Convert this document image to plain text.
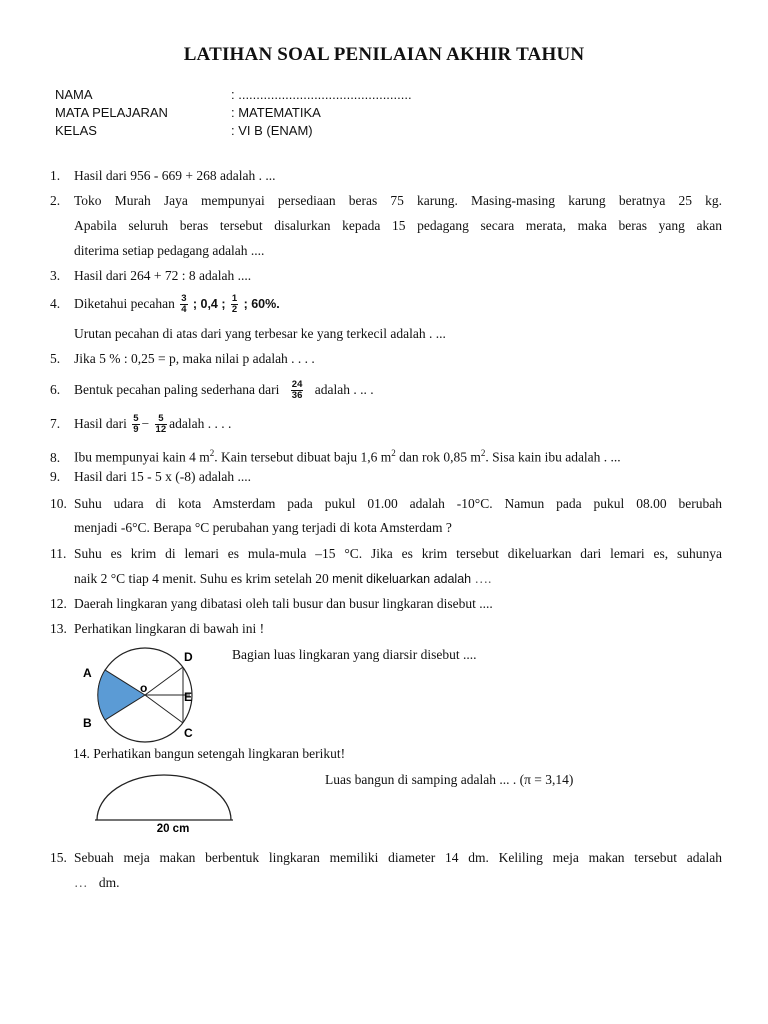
LATIHAN SOAL PENILAIAN AKHIR TAHUN
NAMA	: ................................................
MATA PELAJARAN	: MATEMATIKA
KELAS	: VI B (ENAM)
1. Hasil dari 956 - 669 + 268 adalah . ...
2.	Toko Murah Jaya mempunyai persediaan beras 75 karung. Masing-masing karung beratnya 25 kg.
Apabila seluruh beras tersebut disalurkan kepada 15 pedagang secara merata, maka beras yang akan
diterima setiap pedagang adalah ....
3. Hasil dari 264 + 72 : 8 adalah ....
4. Diketahui pecahan $\frac{3}{4}$ ; 0,4 ; $\frac{1}{2}$ ; 60%.
Urutan pecahan di atas dari yang terbesar ke yang terkecil adalah . ...
5. Jika 5 % : 0,25 = p, maka nilai p adalah . . . .
6. Bentuk pecahan paling sederhana dari $\frac{24}{36}$ adalah . .. .
7. Hasil dari $\frac{5}{9} - \frac{5}{12}$ adalah . . . .
8. Ibu mempunyai kain 4 $m^2$. Kain tersebut dibuat baju 1,6 $m^2$ dan rok 0,85 $m^2$. Sisa kain ibu adalah . ...
9. Hasil dari 15 - 5 x (-8) adalah ....
10. Suhu udara di kota Amsterdam pada pukul 01.00 adalah -10°C. Namun pada pukul 08.00 berubah
menjadi -6°C. Berapa °C perubahan yang terjadi di kota Amsterdam ?
11. Suhu es krim di lemari es mula-mula –15 °C. Jika es krim tersebut dikeluarkan dari lemari es, suhunya
naik 2 °C tiap 4 menit. Suhu es krim setelah 20 menit dikeluarkan adalah ….
12. Daerah lingkaran yang dibatasi oleh tali busur dan busur lingkaran disebut ....
13. Perhatikan lingkaran di bawah ini !
Bagian luas lingkaran yang diarsir disebut ....
A
B
o
D
E
C
14. Perhatikan bangun setengah lingkaran berikut!
Luas bangun di samping adalah ... . (π = 3,14)
20 cm
15. Sebuah meja makan berbentuk lingkaran memiliki diameter 14 dm. Keliling meja makan tersebut adalah
… dm.
